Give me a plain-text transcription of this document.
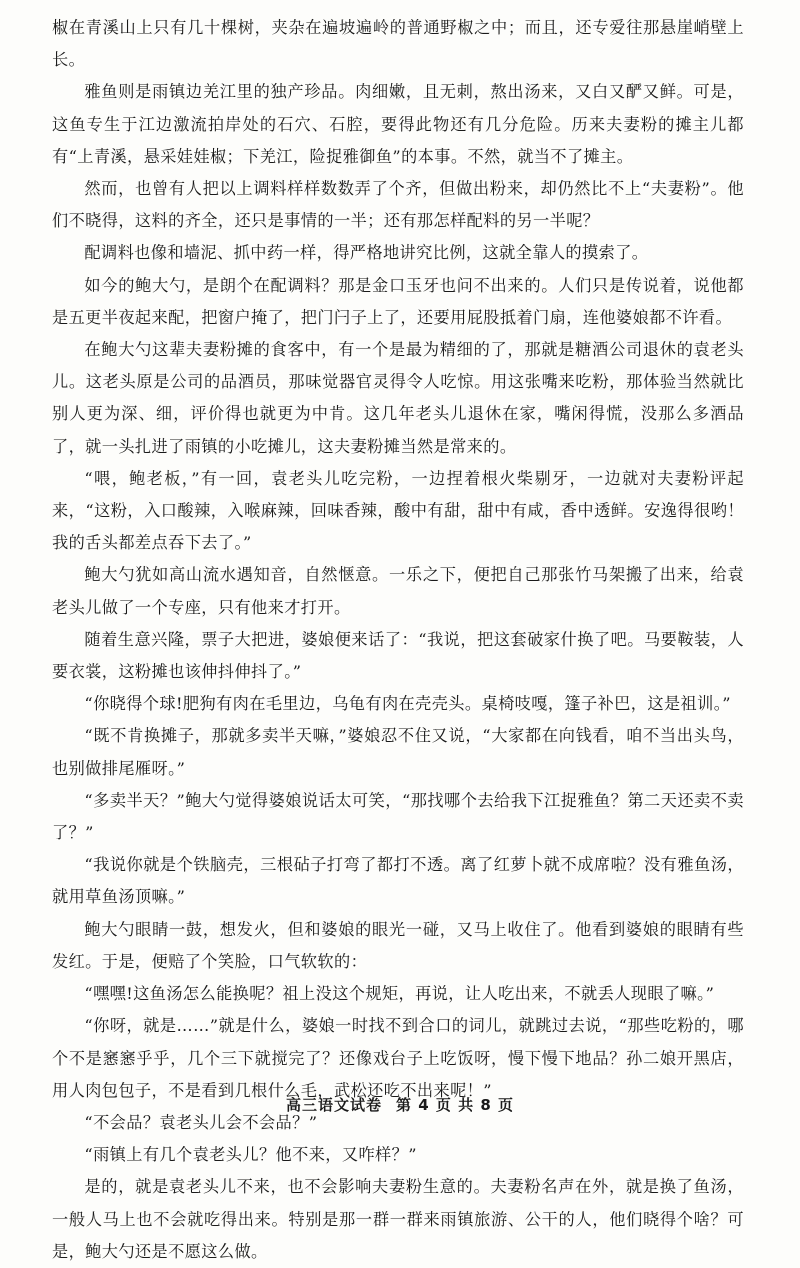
椒在青溪山上只有几十棵树，夹杂在遍坡遍岭的普通野椒之中；而且，还专爱往那悬崖峭壁上长。

雅鱼则是雨镇边羌江里的独产珍品。肉细嫩，且无刺，熬出汤来，又白又酽又鲜。可是，这鱼专生于江边激流拍岸处的石穴、石腔，要得此物还有几分危险。历来夫妻粉的摊主儿都有“上青溪，悬采娃娃椒；下羌江，险捉雅御鱼”的本事。不然，就当不了摊主。

然而，也曾有人把以上调料样样数数弄了个齐，但做出粉来，却仍然比不上“夫妻粉”。他们不晓得，这料的齐全，还只是事情的一半；还有那怎样配料的另一半呢？

配调料也像和墙泥、抓中药一样，得严格地讲究比例，这就全靠人的摸索了。

如今的鲍大勺，是朗个在配调料？那是金口玉牙也问不出来的。人们只是传说着，说他都是五更半夜起来配，把窗户掩了，把门闩子上了，还要用屁股抵着门扇，连他婆娘都不许看。

在鲍大勺这辈夫妻粉摊的食客中，有一个是最为精细的了，那就是糖酒公司退休的袁老头儿。这老头原是公司的品酒员，那味觉器官灵得令人吃惊。用这张嘴来吃粉，那体验当然就比别人更为深、细，评价得也就更为中肯。这几年老头儿退休在家，嘴闲得慌，没那么多酒品了，就一头扎进了雨镇的小吃摊儿，这夫妻粉摊当然是常来的。

“喂，鲍老板，”有一回，袁老头儿吃完粉，一边捏着根火柴剔牙，一边就对夫妻粉评起来，“这粉，入口酸辣，入喉麻辣，回味香辣，酸中有甜，甜中有咸，香中透鲜。安逸得很哟！我的舌头都差点吞下去了。”

鲍大勺犹如高山流水遇知音，自然惬意。一乐之下，便把自己那张竹马架搬了出来，给袁老头儿做了一个专座，只有他来才打开。

随着生意兴隆，票子大把进，婆娘便来话了：“我说，把这套破家什换了吧。马要鞍装，人要衣裳，这粉摊也该伸抖伸抖了。”

“你晓得个球!肥狗有肉在毛里边，乌龟有肉在壳壳头。桌椅吱嘎，篷子补巴，这是祖训。”

“既不肯换摊子，那就多卖半天嘛，”婆娘忍不住又说，“大家都在向钱看，咱不当出头鸟，也别做排尾雁呀。”

“多卖半天？”鲍大勺觉得婆娘说话太可笑，“那找哪个去给我下江捉雅鱼？第二天还卖不卖了？”

“我说你就是个铁脑壳，三根砧子打弯了都打不透。离了红萝卜就不成席啦？没有雅鱼汤，就用草鱼汤顶嘛。”

鲍大勺眼睛一鼓，想发火，但和婆娘的眼光一碰，又马上收住了。他看到婆娘的眼睛有些发红。于是，便赔了个笑脸，口气软软的：

“嘿嘿!这鱼汤怎么能换呢？祖上没这个规矩，再说，让人吃出来，不就丢人现眼了嘛。”

“你呀，就是……”就是什么，婆娘一时找不到合口的词儿，就跳过去说，“那些吃粉的，哪个不是窸窸乎乎，几个三下就搅完了？还像戏台子上吃饭呀，慢下慢下地品？孙二娘开黑店，用人肉包包子，不是看到几根什么毛，武松还吃不出来呢！”

“不会品？袁老头儿会不会品？”

“雨镇上有几个袁老头儿？他不来，又咋样？”

是的，就是袁老头儿不来，也不会影响夫妻粉生意的。夫妻粉名声在外，就是换了鱼汤，一般人马上也不会就吃得出来。特别是那一群一群来雨镇旅游、公干的人，他们晓得个啥？可是，鲍大勺还是不愿这么做。

高三语文试卷 第 4 页 共 8 页
